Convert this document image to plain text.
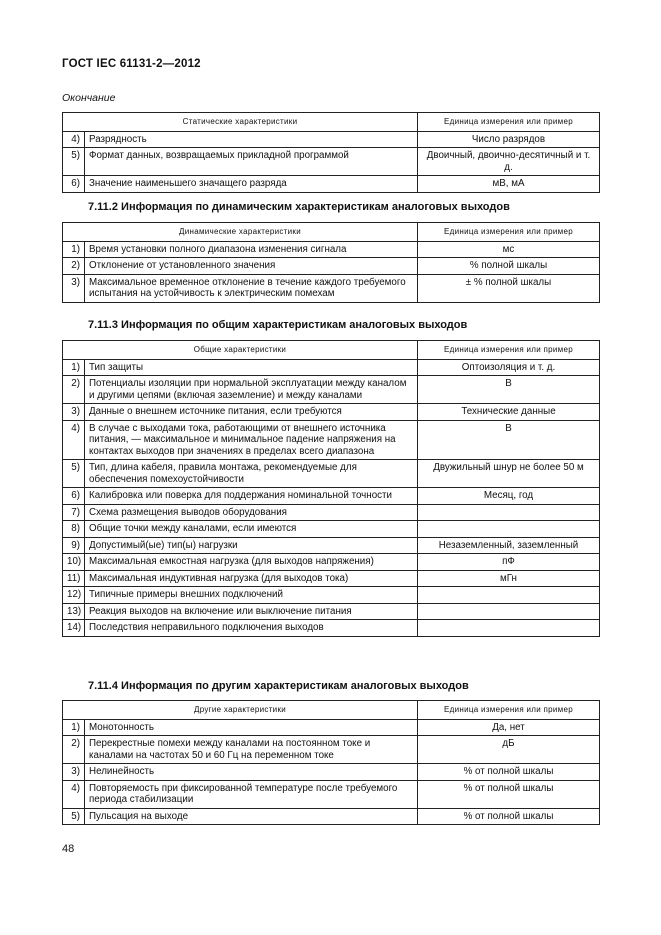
ГОСТ IEC 61131-2—2012
Окончание
Статические характеристики		Единица измерения или пример
4)	Разрядность	Число разрядов
5)	Формат данных, возвращаемых прикладной программой	Двоичный, двоично-десятичный и т. д.
6)	Значение наименьшего значащего разряда	мВ, мА
7.11.2 Информация по динамическим характеристикам аналоговых выходов
Динамические характеристики		Единица измерения или пример
1)	Время установки полного диапазона изменения сигнала	мс
2)	Отклонение от установленного значения	% полной шкалы
3)	Максимальное временное отклонение в течение каждого требуемого испытания на устойчивость к электрическим помехам	± % полной шкалы
7.11.3 Информация по общим характеристикам аналоговых выходов
Общие характеристики		Единица измерения или пример
1)	Тип защиты	Оптоизоляция и т. д.
2)	Потенциалы изоляции при нормальной эксплуатации между каналом и другими цепями (включая заземление) и между каналами	В
3)	Данные о внешнем источнике питания, если требуются	Технические данные
4)	В случае с выходами тока, работающими от внешнего источника питания, — максимальное и минимальное падение напряжения на контактах выходов при значениях в пределах всего диапазона	В
5)	Тип, длина кабеля, правила монтажа, рекомендуемые для обеспечения помехоустойчивости	Двужильный шнур не более 50 м
6)	Калибровка или поверка для поддержания номинальной точности	Месяц, год
7)	Схема размещения выводов оборудования	
8)	Общие точки между каналами, если имеются	
9)	Допустимый(ые) тип(ы) нагрузки	Незаземленный, заземленный
10)	Максимальная емкостная нагрузка (для выходов напряжения)	пФ
11)	Максимальная индуктивная нагрузка (для выходов тока)	мГн
12)	Типичные примеры внешних подключений	
13)	Реакция выходов на включение или выключение питания	
14)	Последствия неправильного подключения выходов	
7.11.4 Информация по другим характеристикам аналоговых выходов
Другие характеристики		Единица измерения или пример
1)	Монотонность	Да, нет
2)	Перекрестные помехи между каналами на постоянном токе и каналами на частотах 50 и 60 Гц на переменном токе	дБ
3)	Нелинейность	% от полной шкалы
4)	Повторяемость при фиксированной температуре после требуемого периода стабилизации	% от полной шкалы
5)	Пульсация на выходе	% от полной шкалы
48
